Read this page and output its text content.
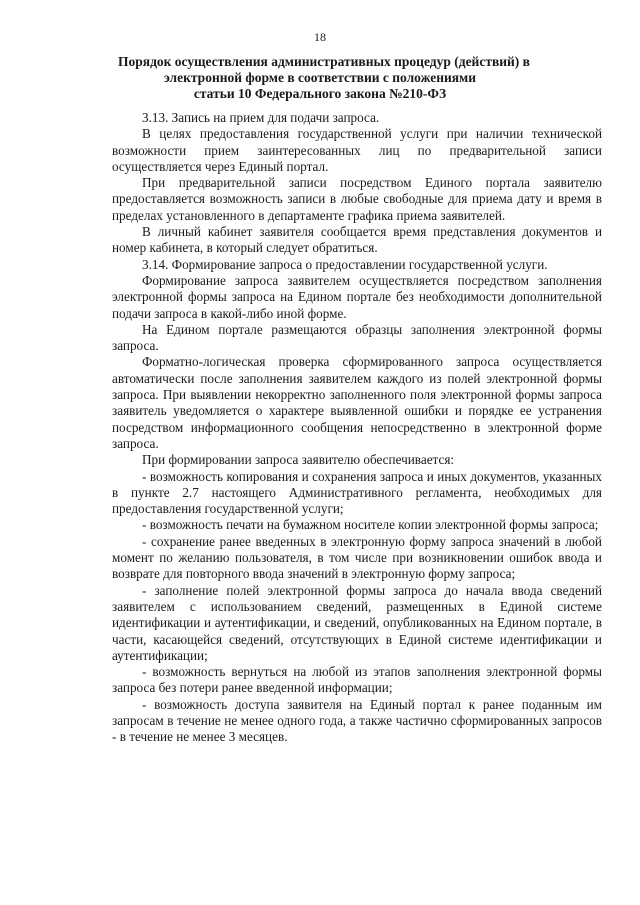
18
Порядок осуществления административных процедур (действий) в
электронной форме в соответствии с положениями
статьи 10 Федерального закона №210-ФЗ

3.13. Запись на прием для подачи запроса.

В целях предоставления государственной услуги при наличии технической возможности прием заинтересованных лиц по предварительной записи осуществляется через Единый портал.

При предварительной записи посредством Единого портала заявителю предоставляется возможность записи в любые свободные для приема дату и время в пределах установленного в департаменте графика приема заявителей.

В личный кабинет заявителя сообщается время представления документов и номер кабинета, в который следует обратиться.

3.14. Формирование запроса о предоставлении государственной услуги.

Формирование запроса заявителем осуществляется посредством заполнения электронной формы запроса на Едином портале без необходимости дополнительной подачи запроса в какой-либо иной форме.

На Едином портале размещаются образцы заполнения электронной формы запроса.

Форматно-логическая проверка сформированного запроса осуществляется автоматически после заполнения заявителем каждого из полей электронной формы запроса. При выявлении некорректно заполненного поля электронной формы запроса заявитель уведомляется о характере выявленной ошибки и порядке ее устранения посредством информационного сообщения непосредственно в электронной форме запроса.

При формировании запроса заявителю обеспечивается:

- возможность копирования и сохранения запроса и иных документов, указанных в пункте 2.7 настоящего Административного регламента, необходимых для предоставления государственной услуги;

- возможность печати на бумажном носителе копии электронной формы запроса;

- сохранение ранее введенных в электронную форму запроса значений в любой момент по желанию пользователя, в том числе при возникновении ошибок ввода и возврате для повторного ввода значений в электронную форму запроса;

- заполнение полей электронной формы запроса до начала ввода сведений заявителем с использованием сведений, размещенных в Единой системе идентификации и аутентификации, и сведений, опубликованных на Едином портале, в части, касающейся сведений, отсутствующих в Единой системе идентификации и аутентификации;

- возможность вернуться на любой из этапов заполнения электронной формы запроса без потери ранее введенной информации;

- возможность доступа заявителя на Единый портал к ранее поданным им запросам в течение не менее одного года, а также частично сформированных запросов - в течение не менее 3 месяцев.
